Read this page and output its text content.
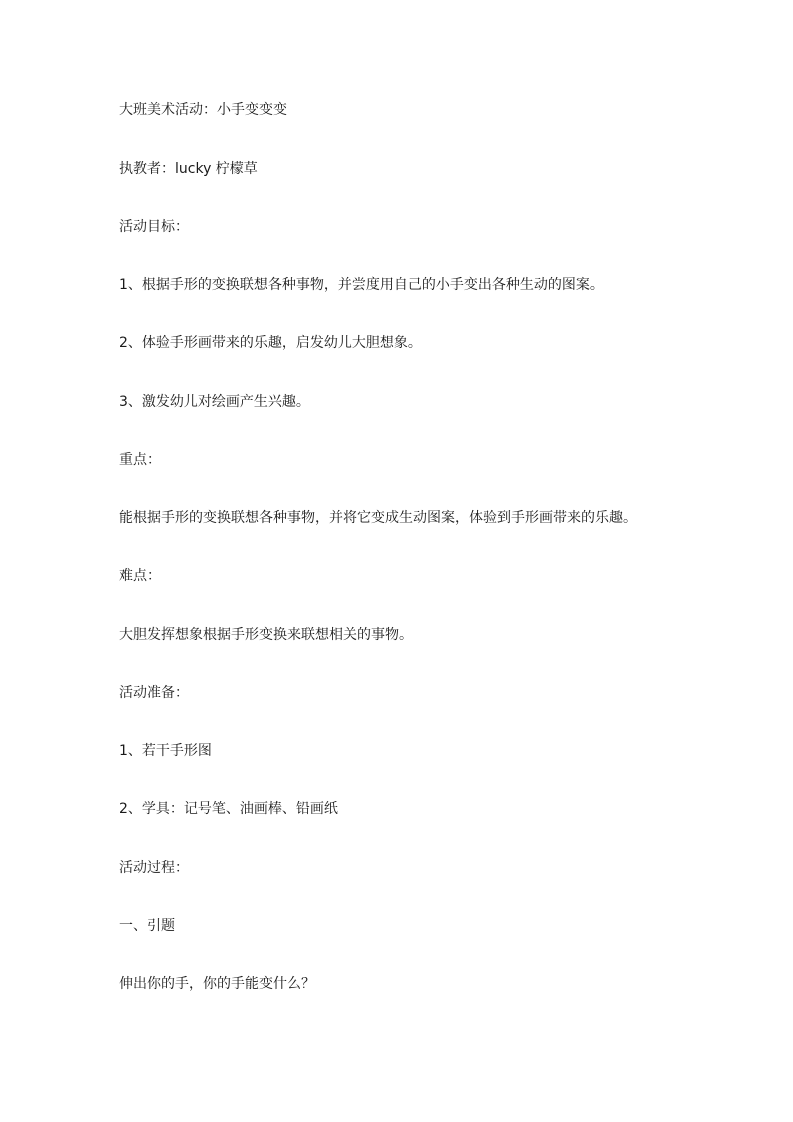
大班美术活动：小手变变变

执教者：lucky 柠檬草

活动目标：

1、根据手形的变换联想各种事物，并尝度用自己的小手变出各种生动的图案。

2、体验手形画带来的乐趣，启发幼儿大胆想象。

3、激发幼儿对绘画产生兴趣。

重点：

能根据手形的变换联想各种事物，并将它变成生动图案，体验到手形画带来的乐趣。

难点：

大胆发挥想象根据手形变换来联想相关的事物。

活动准备：

1、若干手形图

2、学具：记号笔、油画棒、铅画纸

活动过程：

一、引题

伸出你的手，你的手能变什么？
